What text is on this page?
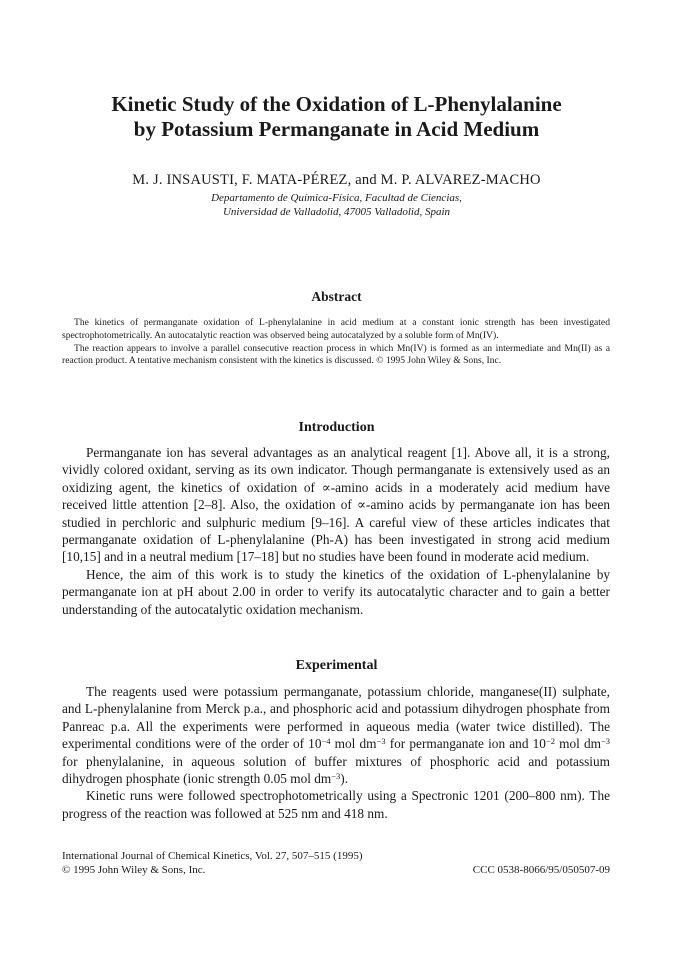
Kinetic Study of the Oxidation of L-Phenylalanine
by Potassium Permanganate in Acid Medium
M. J. INSAUSTI, F. MATA-PÉREZ, and M. P. ALVAREZ-MACHO
Departamento de Química-Física, Facultad de Ciencias,
Universidad de Valladolid, 47005 Valladolid, Spain
Abstract

The kinetics of permanganate oxidation of L-phenylalanine in acid medium at a constant ionic strength has been investigated spectrophotometrically. An autocatalytic reaction was observed being autocatalyzed by a soluble form of Mn(IV).

The reaction appears to involve a parallel consecutive reaction process in which Mn(IV) is formed as an intermediate and Mn(II) as a reaction product. A tentative mechanism consistent with the kinetics is discussed. © 1995 John Wiley & Sons, Inc.

Introduction

Permanganate ion has several advantages as an analytical reagent [1]. Above all, it is a strong, vividly colored oxidant, serving as its own indicator. Though permanganate is extensively used as an oxidizing agent, the kinetics of oxidation of ∝-amino acids in a moderately acid medium have received little attention [2–8]. Also, the oxidation of ∝-amino acids by permanganate ion has been studied in perchloric and sulphuric medium [9–16]. A careful view of these articles indicates that permanganate oxidation of L-phenylalanine (Ph-A) has been investigated in strong acid medium [10,15] and in a neutral medium [17–18] but no studies have been found in moderate acid medium.

Hence, the aim of this work is to study the kinetics of the oxidation of L-phenylalanine by permanganate ion at pH about 2.00 in order to verify its autocatalytic character and to gain a better understanding of the autocatalytic oxidation mechanism.

Experimental

The reagents used were potassium permanganate, potassium chloride, manganese(II) sulphate, and L-phenylalanine from Merck p.a., and phosphoric acid and potassium dihydrogen phosphate from Panreac p.a. All the experiments were performed in aqueous media (water twice distilled). The experimental conditions were of the order of $10^{-4}$ mol $dm^{-3}$ for permanganate ion and $10^{-2}$ mol $dm^{-3}$ for phenylalanine, in aqueous solution of buffer mixtures of phosphoric acid and potassium dihydrogen phosphate (ionic strength 0.05 mol $dm^{-3}$).

Kinetic runs were followed spectrophotometrically using a Spectronic 1201 (200–800 nm). The progress of the reaction was followed at 525 nm and 418 nm.

International Journal of Chemical Kinetics, Vol. 27, 507–515 (1995)
© 1995 John Wiley & Sons, Inc.	CCC 0538-8066/95/050507-09
